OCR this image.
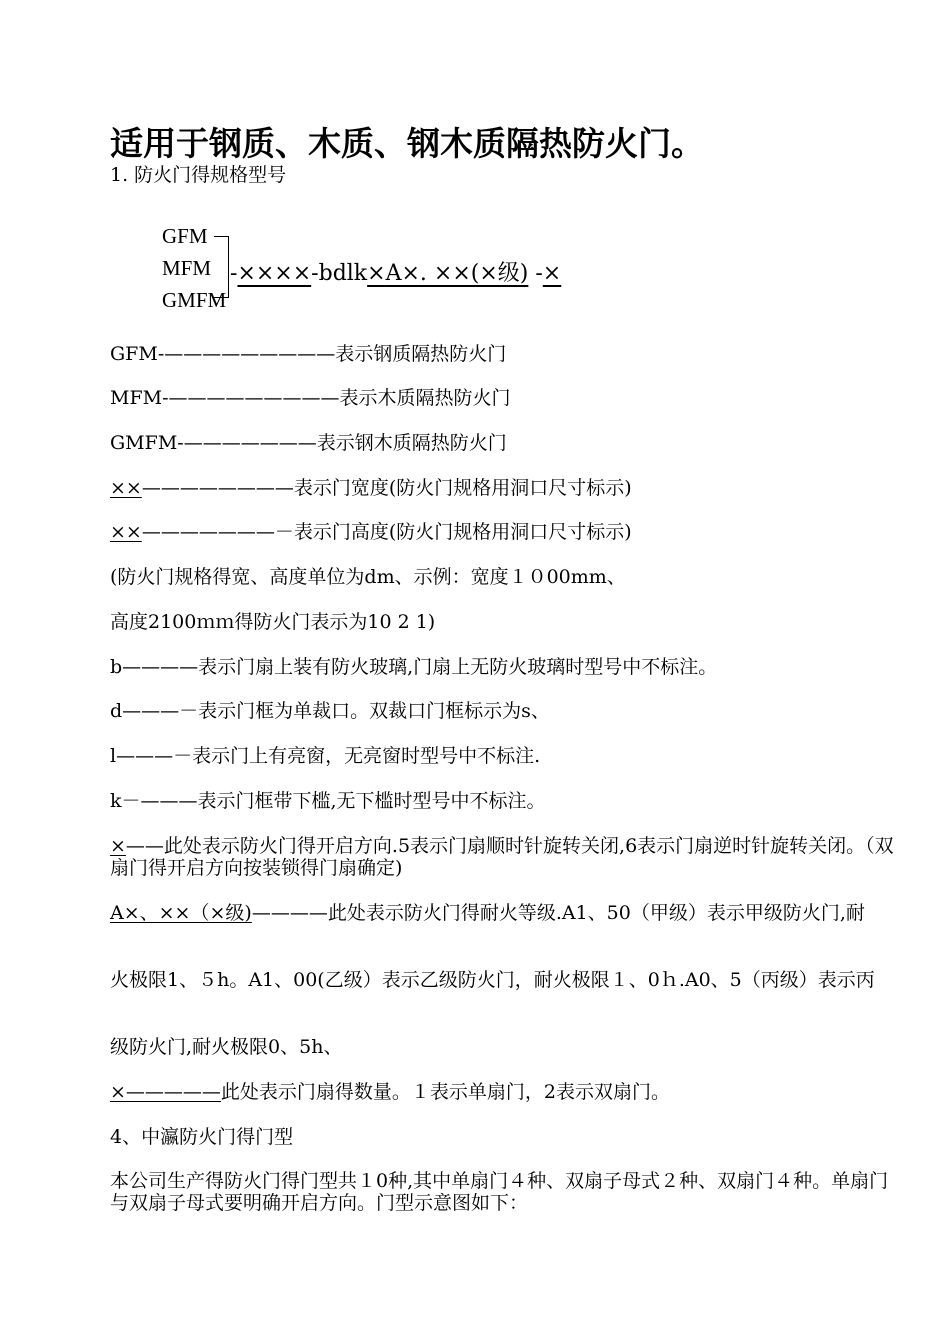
适用于钢质、木质、钢木质隔热防火门。
1. 防火门得规格型号
GFM
MFM
GMFM
-××××-bdlk×A×. ××(×级) -×
GFM-—————————表示钢质隔热防火门
MFM-—————————表示木质隔热防火门
GMFM-———————表示钢木质隔热防火门
××————————表示门宽度(防火门规格用洞口尺寸标示)
××———————－表示门高度(防火门规格用洞口尺寸标示)
(防火门规格得宽、高度单位为dm、示例：宽度１０00mm、
高度2100ｍｍ得防火门表示为10 2 1)
b————表示门扇上装有防火玻璃,门扇上无防火玻璃时型号中不标注。
d———－表示门框为单裁口。双裁口门框标示为s、
l———－表示门上有亮窗，无亮窗时型号中不标注.
k－———表示门框带下槛,无下槛时型号中不标注。
×——此处表示防火门得开启方向.5表示门扇顺时针旋转关闭,6表示门扇逆时针旋转关闭。（双扇门得开启方向按装锁得门扇确定)
A×、××（×级)————此处表示防火门得耐火等级.A1、50（甲级）表示甲级防火门,耐
火极限1、５h。A1、00(乙级）表示乙级防火门，耐火极限１、0ｈ.A0、5（丙级）表示丙
级防火门,耐火极限0、5h、
×—————此处表示门扇得数量。１表示单扇门，2表示双扇门。
4、中瀛防火门得门型
本公司生产得防火门得门型共１0种,其中单扇门４种、双扇子母式２种、双扇门４种。单扇门与双扇子母式要明确开启方向。门型示意图如下：
